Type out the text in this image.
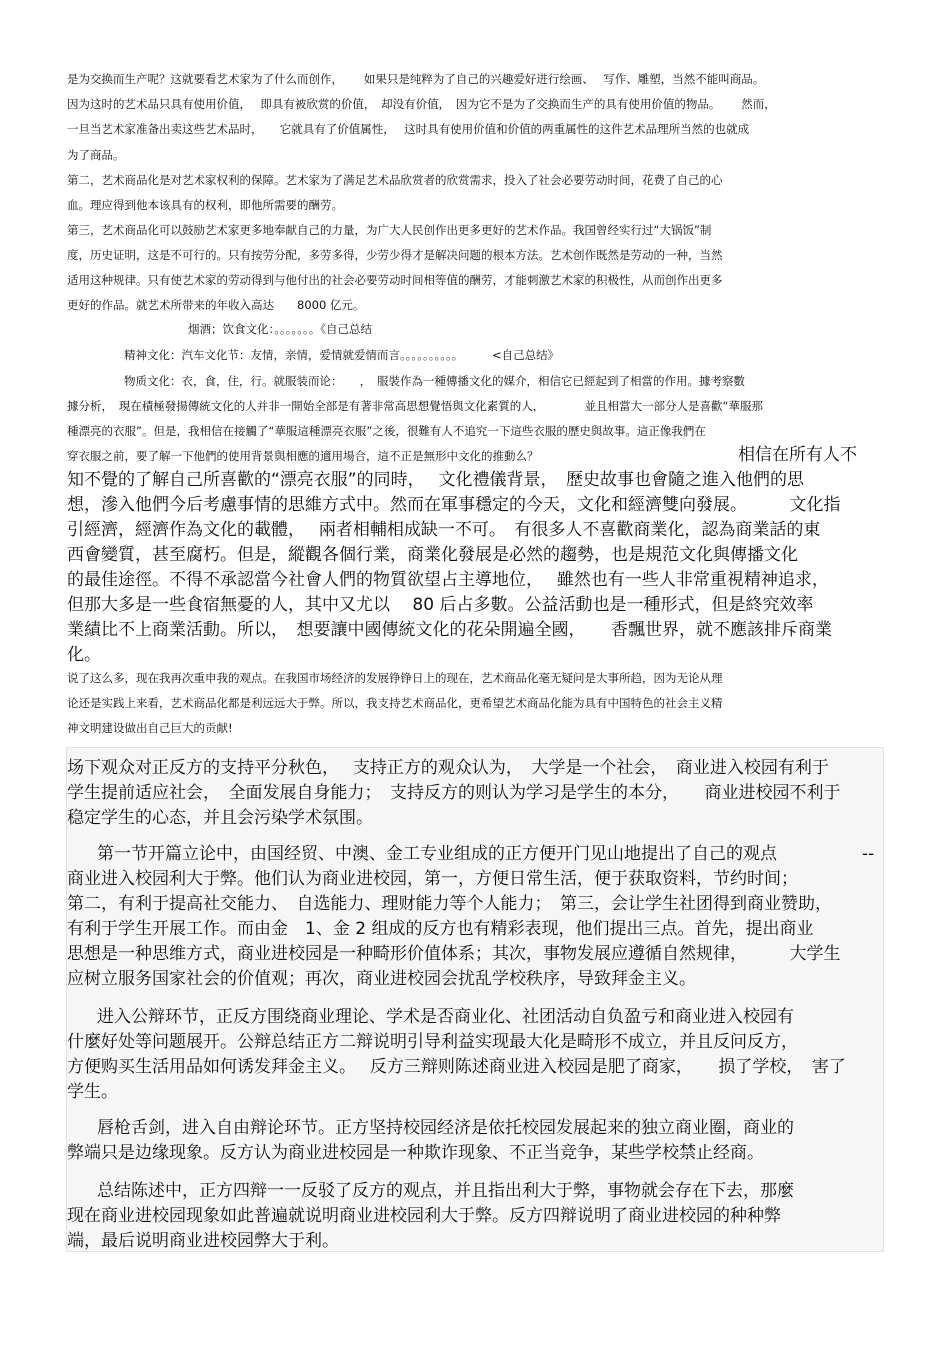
是为交换而生产呢？这就要看艺术家为了什么而创作，　　 如果只是纯粹为了自己的兴趣爱好进行绘画、　 写作、雕塑，当然不能叫商品。
因为这时的艺术品只具有使用价值，　 即具有被欣赏的价值，　却没有价值，　因为它不是为了交换而生产的具有使用价值的物品。　　 然而，
一旦当艺术家准备出卖这些艺术品时，　　它就具有了价值属性，　 这时具有使用价值和价值的两重属性的这件艺术品理所当然的也就成
为了商品。
第二，艺术商品化是对艺术家权利的保障。艺术家为了满足艺术品欣赏者的欣赏需求，投入了社会必要劳动时间，花费了自己的心
血。理应得到他本该具有的权利，即他所需要的酬劳。
第三，艺术商品化可以鼓励艺术家更多地奉献自己的力量，为广大人民创作出更多更好的艺术作品。我国曾经实行过“大锅饭”制
度，历史证明，这是不可行的。只有按劳分配，多劳多得，少劳少得才是解决问题的根本方法。艺术创作既然是劳动的一种，当然
适用这种规律。只有使艺术家的劳动得到与他付出的社会必要劳动时间相等值的酬劳，才能刺激艺术家的积极性，从而创作出更多
更好的作品。就艺术所带来的年收入高达　　8000 亿元。
烟酒；饮食文化：。。。。。。。《自己总结
精神文化：汽车文化节：友情，亲情，爱情就爱情而言。。。。。。。。。。　　　<自己总结》
物质文化：衣，食，住，行。就服装而论：　　，　服裝作為一種傳播文化的媒介，相信它已經起到了相當的作用。據考察數
據分析，　現在積極發揚傳統文化的人并非一開始全部是有著非常高思想覺悟與文化素質的人，　　　　並且相當大一部分人是喜歡“華服那
種漂亮的衣服”。但是，我相信在接觸了“華服這種漂亮衣服”之後，很難有人不追究一下這些衣服的歷史與故事。這正像我們在
穿衣服之前，要了解一下他們的使用背景與相應的適用場合，這不正是無形中文化的推動么？	相信在所有人不
知不覺的了解自己所喜歡的“漂亮衣服”的同時，　 文化禮儀背景，　歷史故事也會隨之進入他們的思
想，滲入他們今后考慮事情的思維方式中。然而在軍事穩定的今天，文化和經濟雙向發展。　　　文化指
引經濟，經濟作為文化的載體，　 兩者相輔相成缺一不可。　有很多人不喜歡商業化，認為商業話的東
西會變質，甚至腐朽。但是，縱觀各個行業，商業化發展是必然的趨勢，也是規范文化與傳播文化
的最佳途徑。不得不承認當今社會人們的物質欲望占主導地位，　 雖然也有一些人非常重視精神追求，
但那大多是一些食宿無憂的人，其中又尤以　 80 后占多數。公益活動也是一種形式，但是終究效率
業績比不上商業活動。所以，　想要讓中國傳統文化的花朵開遍全國，　　香飄世界，就不應該排斥商業
化。
说了这么多，现在我再次重申我的观点。在我国市场经济的发展铮铮日上的现在，艺术商品化毫无疑问是大事所趋，因为无论从理
论还是实践上来看，艺术商品化都是利远远大于弊。所以，我支持艺术商品化，更希望艺术商品化能为具有中国特色的社会主义精
神文明建设做出自己巨大的贡献!
场下观众对正反方的支持平分秋色，　 支持正方的观众认为，　大学是一个社会，　商业进入校园有利于
学生提前适应社会，　全面发展自身能力；　支持反方的则认为学习是学生的本分，　　商业进校园不利于
稳定学生的心态，并且会污染学术氛围。
第一节开篇立论中，由国经贸、中澳、金工专业组成的正方便开门见山地提出了自己的观点	--
商业进入校园利大于弊。他们认为商业进校园，第一，方便日常生活，便于获取资料，节约时间；
第二，有利于提高社交能力、　自选能力、理财能力等个人能力；　第三，会让学生社团得到商业赞助，
有利于学生开展工作。而由金　1、金 2 组成的反方也有精彩表现，他们提出三点。首先，提出商业
思想是一种思维方式，商业进校园是一种畸形价值体系；其次，事物发展应遵循自然规律，　　　大学生
应树立服务国家社会的价值观；再次，商业进校园会扰乱学校秩序，导致拜金主义。
进入公辩环节，正反方围绕商业理论、学术是否商业化、社团活动自负盈亏和商业进入校园有
什麼好处等问题展开。公辩总结正方二辩说明引导利益实现最大化是畸形不成立，并且反问反方，
方便购买生活用品如何诱发拜金主义。　 反方三辩则陈述商业进入校园是肥了商家，　　损了学校，　害了
学生。
唇枪舌剑，进入自由辩论环节。正方坚持校园经济是依托校园发展起来的独立商业圈，商业的
弊端只是边缘现象。反方认为商业进校园是一种欺诈现象、不正当竞争，某些学校禁止经商。
总结陈述中，正方四辩一一反驳了反方的观点，并且指出利大于弊，事物就会存在下去，那麼
现在商业进校园现象如此普遍就说明商业进校园利大于弊。反方四辩说明了商业进校园的种种弊
端，最后说明商业进校园弊大于利。
